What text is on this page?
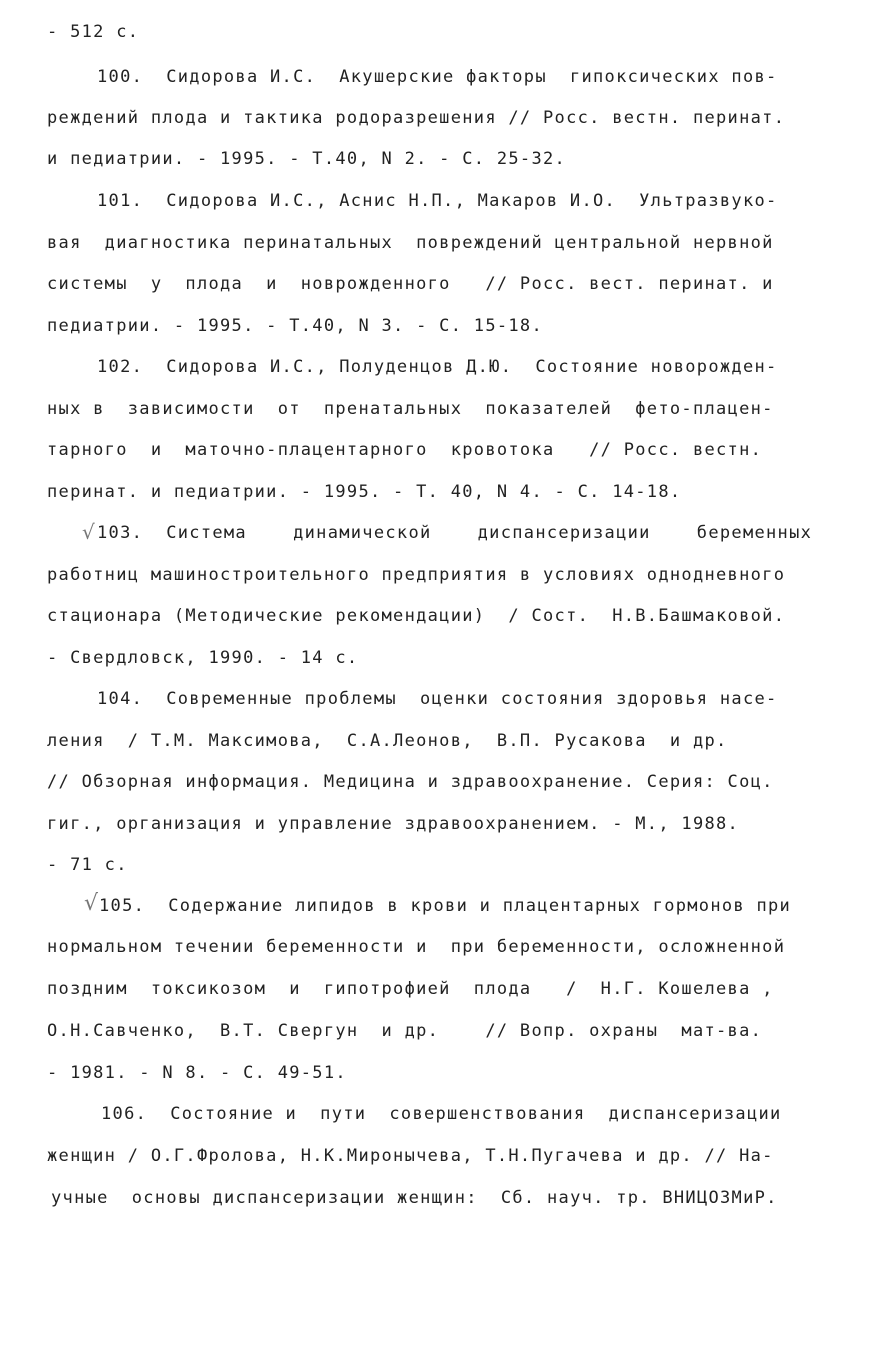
- 512 с.
100.  Сидорова И.С.  Акушерские факторы  гипоксических пов-
реждений плода и тактика родоразрешения // Росс. вестн. перинат.
и педиатрии. - 1995. - Т.40, N 2. - С. 25-32.
101.  Сидорова И.С., Аснис Н.П., Макаров И.О.  Ультразвуко-
вая  диагностика перинатальных  повреждений центральной нервной
системы  у  плода  и  новрожденного   // Росс. вест. перинат. и
педиатрии. - 1995. - Т.40, N 3. - С. 15-18.
102.  Сидорова И.С., Полуденцов Д.Ю.  Состояние новорожден-
ных в  зависимости  от  пренатальных  показателей  фето-плацен-
тарного  и  маточно-плацентарного  кровотока   // Росс. вестн.
перинат. и педиатрии. - 1995. - Т. 40, N 4. - С. 14-18.
√ 103.  Система    динамической    диспансеризации    беременных
работниц машиностроительного предприятия в условиях однодневного
стационара (Методические рекомендации)  / Сост.  Н.В.Башмаковой.
- Свердловск, 1990. - 14 с.
104.  Современные проблемы  оценки состояния здоровья насе-
ления  / Т.М. Максимова,  С.А.Леонов,  В.П. Русакова  и др.
// Обзорная информация. Медицина и здравоохранение. Серия: Соц.
гиг., организация и управление здравоохранением. - М., 1988.
- 71 с.
√ 105.  Содержание липидов в крови и плацентарных гормонов при
нормальном течении беременности и  при беременности, осложненной
поздним  токсикозом  и  гипотрофией  плода   /  Н.Г. Кошелева ,
О.Н.Савченко,  В.Т. Свергун  и др.    // Вопр. охраны  мат-ва.
- 1981. - N 8. - С. 49-51.
106.  Состояние и  пути  совершенствования  диспансеризации
женщин / О.Г.Фролова, Н.К.Миронычева, Т.Н.Пугачева и др. // На-
учные  основы диспансеризации женщин:  Сб. науч. тр. ВНИЦОЗМиР.
